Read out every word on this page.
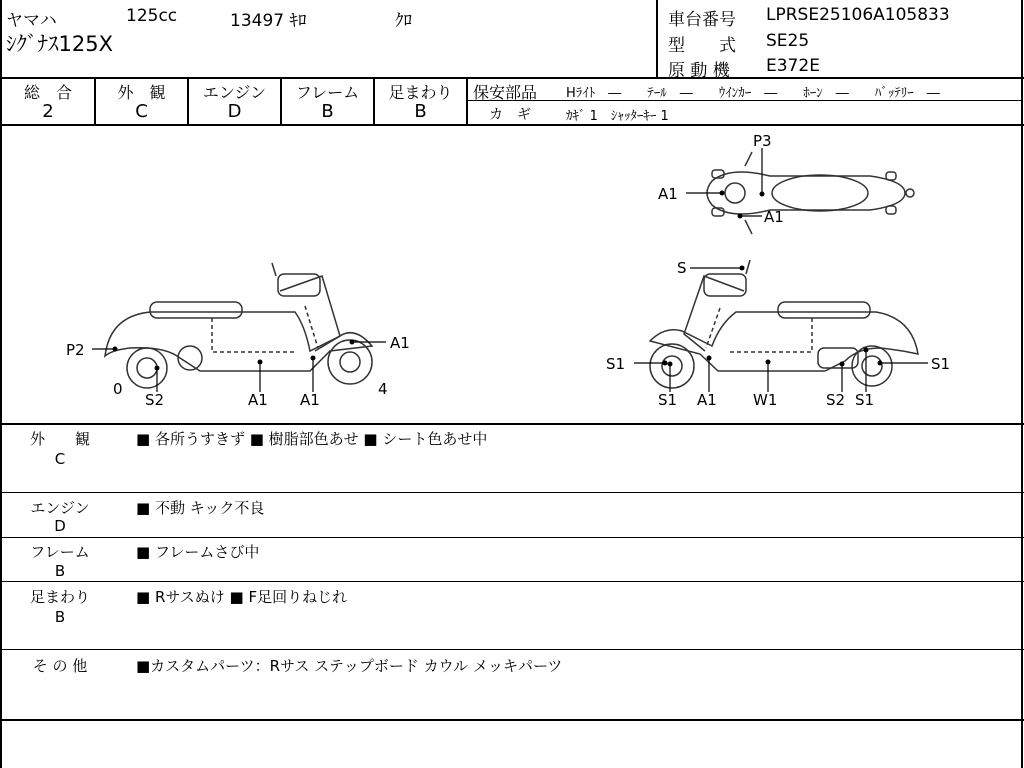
ヤマハ	125cc	13497 ｷﾛ	ｸﾛ
ｼｸﾞﾅｽ125X
車台番号 LPRSE25106A105833
型　　式 SE25
原 動 機 E372E
総　合
2
外　観
C
エンジン
D
フレーム
B
足まわり
B
保安部品 Hﾗｲﾄ　―　　ﾃｰﾙ　―　　ｳｲﾝｶｰ　―　　ﾎｰﾝ　―　　ﾊﾞｯﾃﾘｰ　―
カ　ギ	ｶｷﾞ 1　ｼｬｯﾀｰｷｰ 1
P3
A1
A1
P2	A1
0
S2	A1 A1
4
S
S1	S1
S1 A1 W1	S2 S1
外　　観
C
■ 各所うすきず ■ 樹脂部色あせ ■ シート色あせ中
エンジン
D
■ 不動 キック不良
フレーム
B
■ フレームさび中
足まわり
B
■ Rサスぬけ ■ F足回りねじれ
そ の 他	■カスタムパーツ：Rサス ステップボード カウル メッキパーツ
